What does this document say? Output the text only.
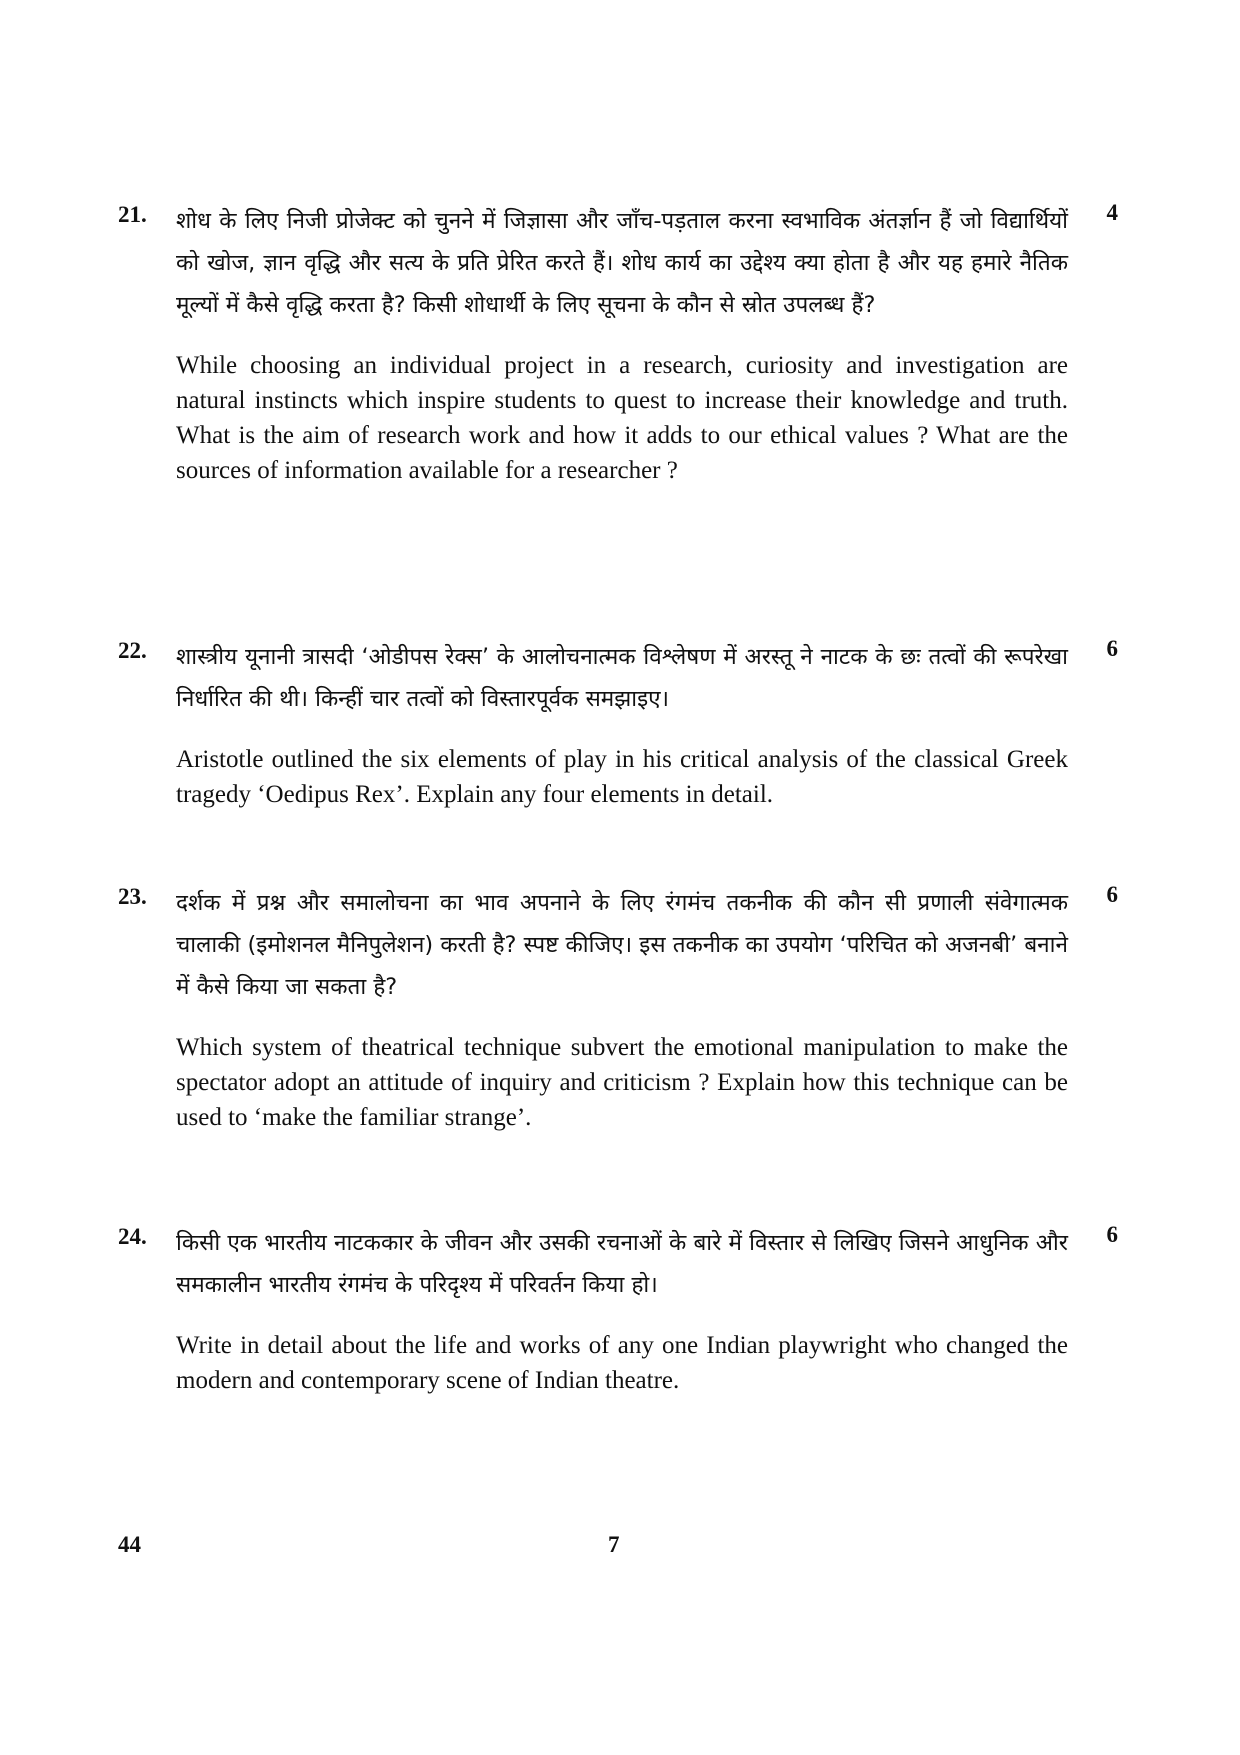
21.	4

शोध के लिए निजी प्रोजेक्ट को चुनने में जिज्ञासा और जाँच-पड़ताल करना स्वभाविक अंतर्ज्ञान हैं जो विद्यार्थियों को खोज, ज्ञान वृद्धि और सत्य के प्रति प्रेरित करते हैं। शोध कार्य का उद्देश्य क्या होता है और यह हमारे नैतिक मूल्यों में कैसे वृद्धि करता है? किसी शोधार्थी के लिए सूचना के कौन से स्रोत उपलब्ध हैं?

While choosing an individual project in a research, curiosity and investigation are natural instincts which inspire students to quest to increase their knowledge and truth. What is the aim of research work and how it adds to our ethical values ? What are the sources of information available for a researcher ?

22.	6

शास्त्रीय यूनानी त्रासदी ‘ओडीपस रेक्स’ के आलोचनात्मक विश्लेषण में अरस्तू ने नाटक के छः तत्वों की रूपरेखा निर्धारित की थी। किन्हीं चार तत्वों को विस्तारपूर्वक समझाइए।

Aristotle outlined the six elements of play in his critical analysis of the classical Greek tragedy ‘Oedipus Rex’. Explain any four elements in detail.

23.	6

दर्शक में प्रश्न और समालोचना का भाव अपनाने के लिए रंगमंच तकनीक की कौन सी प्रणाली संवेगात्मक चालाकी (इमोशनल मैनिपुलेशन) करती है? स्पष्ट कीजिए। इस तकनीक का उपयोग ‘परिचित को अजनबी’ बनाने में कैसे किया जा सकता है?

Which system of theatrical technique subvert the emotional manipulation to make the spectator adopt an attitude of inquiry and criticism ? Explain how this technique can be used to ‘make the familiar strange’.

24.	6

किसी एक भारतीय नाटककार के जीवन और उसकी रचनाओं के बारे में विस्तार से लिखिए जिसने आधुनिक और समकालीन भारतीय रंगमंच के परिदृश्य में परिवर्तन किया हो।

Write in detail about the life and works of any one Indian playwright who changed the modern and contemporary scene of Indian theatre.

44	7
